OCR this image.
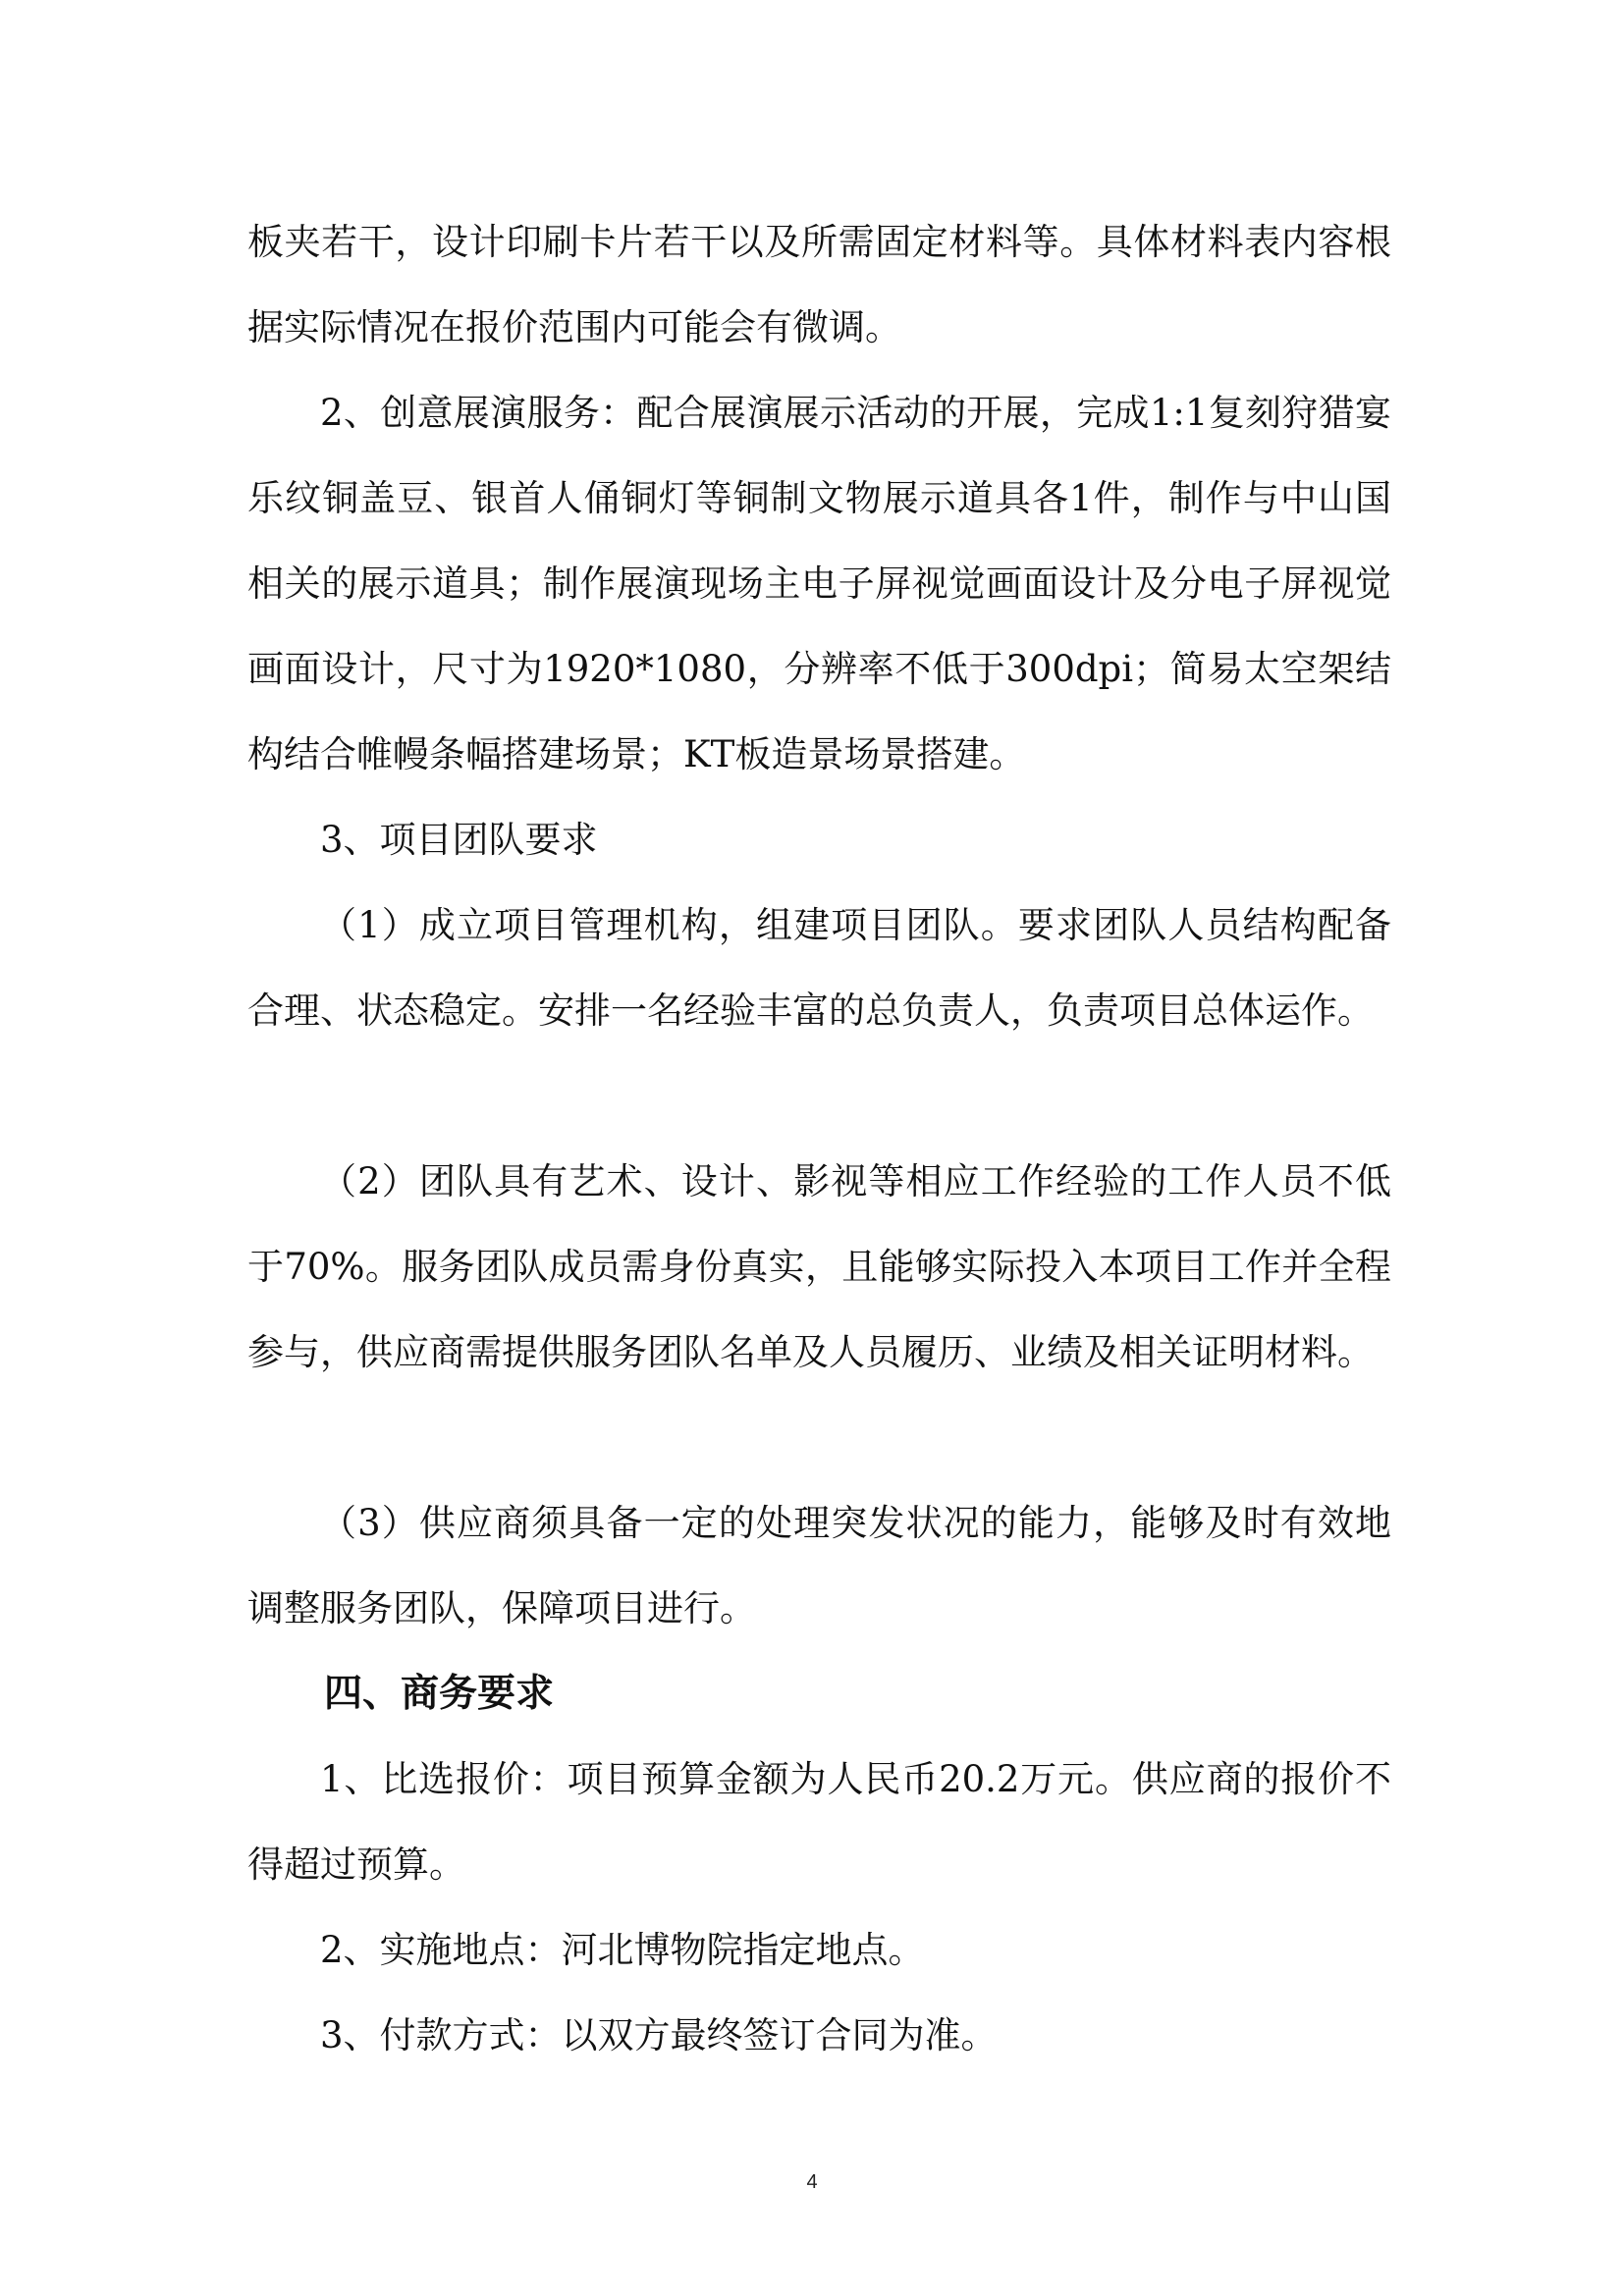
板夹若干，设计印刷卡片若干以及所需固定材料等。具体材料表内容根据实际情况在报价范围内可能会有微调。

2、创意展演服务：配合展演展示活动的开展，完成1:1复刻狩猎宴乐纹铜盖豆、银首人俑铜灯等铜制文物展示道具各1件，制作与中山国相关的展示道具；制作展演现场主电子屏视觉画面设计及分电子屏视觉画面设计，尺寸为1920*1080，分辨率不低于300dpi；简易太空架结构结合帷幔条幅搭建场景；KT板造景场景搭建。

3、项目团队要求

（1）成立项目管理机构，组建项目团队。要求团队人员结构配备合理、状态稳定。安排一名经验丰富的总负责人，负责项目总体运作。

（2）团队具有艺术、设计、影视等相应工作经验的工作人员不低于70%。服务团队成员需身份真实，且能够实际投入本项目工作并全程参与，供应商需提供服务团队名单及人员履历、业绩及相关证明材料。

（3）供应商须具备一定的处理突发状况的能力，能够及时有效地调整服务团队，保障项目进行。

四、商务要求

1、比选报价：项目预算金额为人民币20.2万元。供应商的报价不得超过预算。

2、实施地点：河北博物院指定地点。

3、付款方式：以双方最终签订合同为准。

4
